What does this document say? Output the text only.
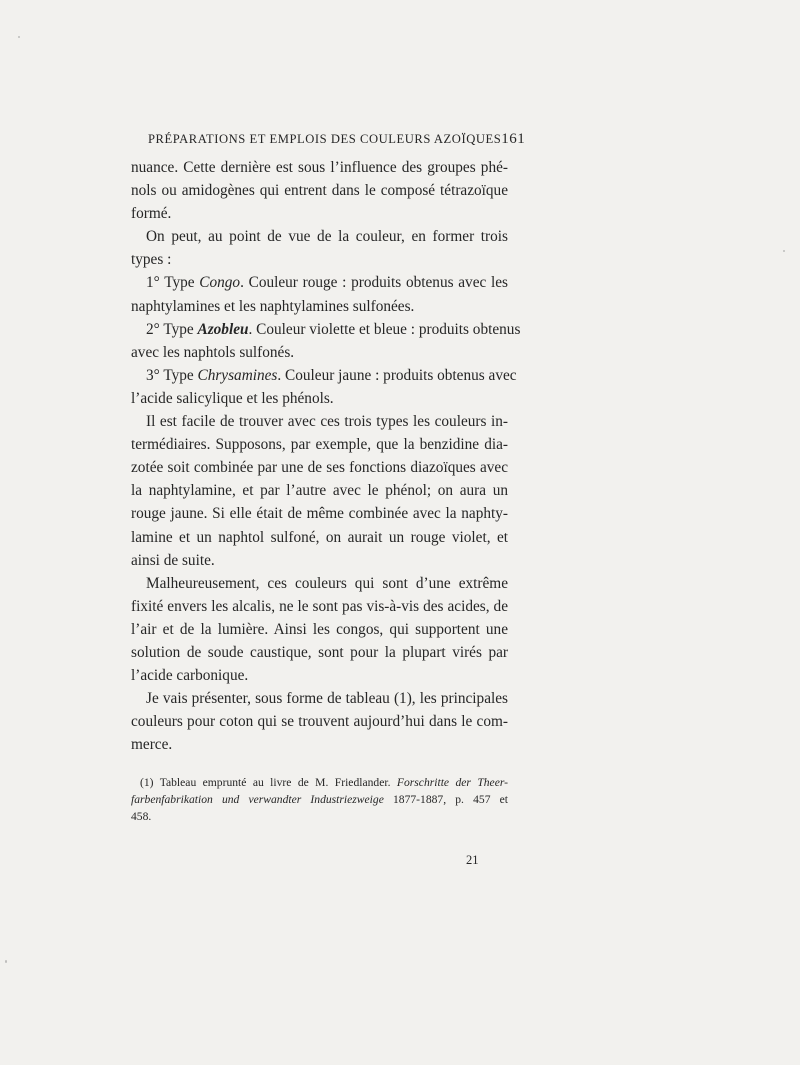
PRÉPARATIONS ET EMPLOIS DES COULEURS AZOÏQUES 161
nuance. Cette dernière est sous l’influence des groupes phé-
nols ou amidogènes qui entrent dans le composé tétrazoïque
formé.
On peut, au point de vue de la couleur, en former trois
types :
1° Type Congo. Couleur rouge : produits obtenus avec les
naphtylamines et les naphtylamines sulfonées.
2° Type Azobleu. Couleur violette et bleue : produits obtenus
avec les naphtols sulfonés.
3° Type Chrysamines. Couleur jaune : produits obtenus avec
l’acide salicylique et les phénols.
Il est facile de trouver avec ces trois types les couleurs in-
termédiaires. Supposons, par exemple, que la benzidine dia-
zotée soit combinée par une de ses fonctions diazoïques avec
la naphtylamine, et par l’autre avec le phénol; on aura un
rouge jaune. Si elle était de même combinée avec la naphty-
lamine et un naphtol sulfoné, on aurait un rouge violet, et
ainsi de suite.
Malheureusement, ces couleurs qui sont d’une extrême
fixité envers les alcalis, ne le sont pas vis-à-vis des acides, de
l’air et de la lumière. Ainsi les congos, qui supportent une
solution de soude caustique, sont pour la plupart virés par
l’acide carbonique.
Je vais présenter, sous forme de tableau (1), les principales
couleurs pour coton qui se trouvent aujourd’hui dans le com-
merce.
(1) Tableau emprunté au livre de M. Friedlander. Forschritte der Theer-
farbenfabrikation und verwandter Industriezweige 1877-1887, p. 457 et
458.
21
